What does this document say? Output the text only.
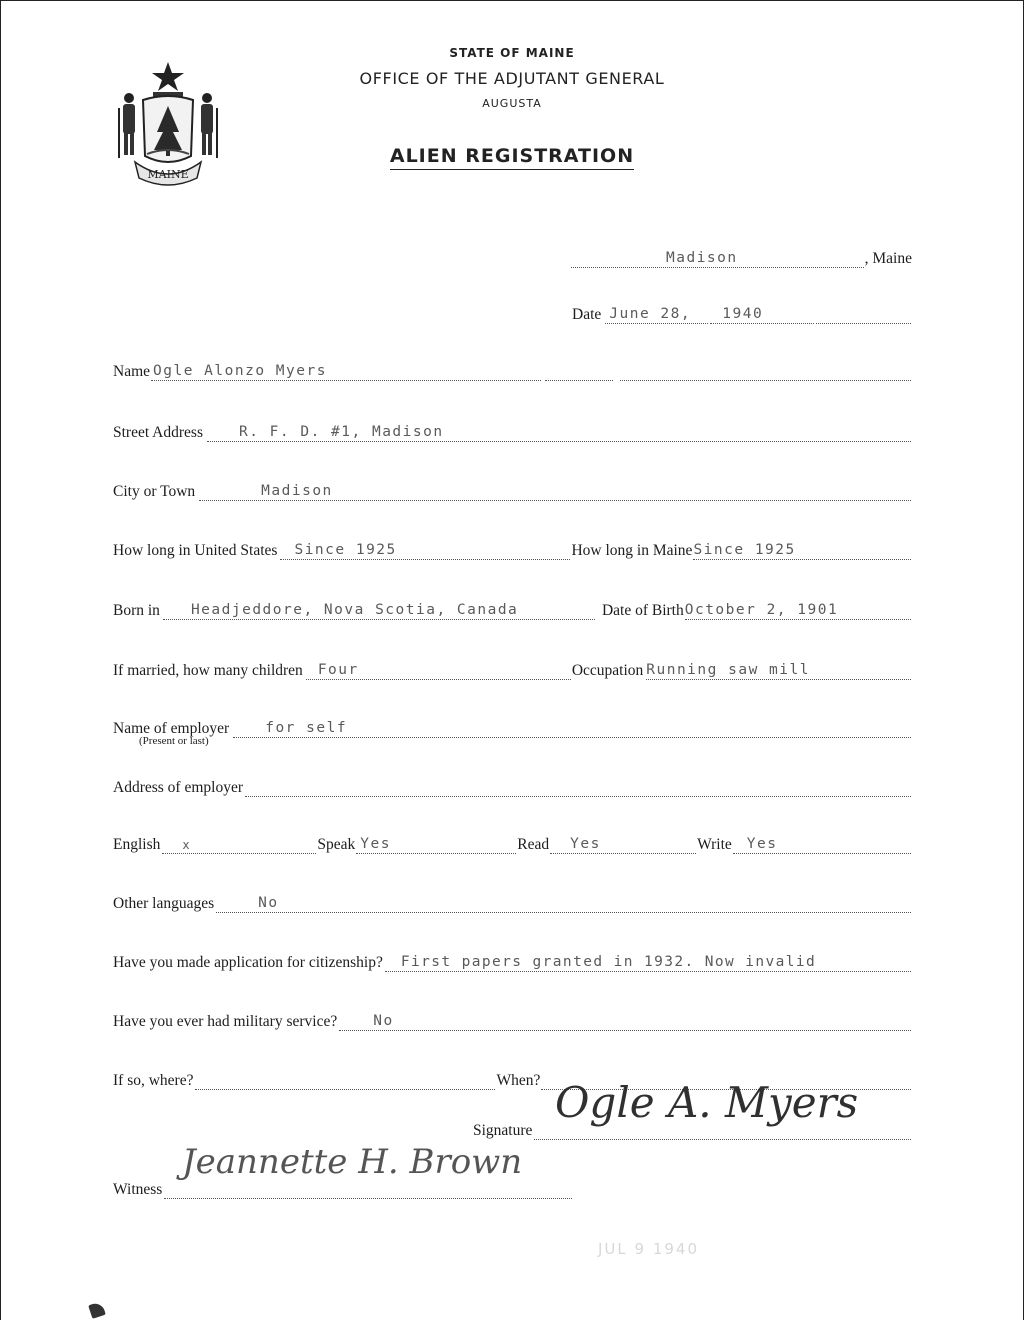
MAINE
STATE OF MAINE
OFFICE OF THE ADJUTANT GENERAL
AUGUSTA
ALIEN REGISTRATION
Madison	, Maine
Date June 28, 1940
Name Ogle Alonzo Myers
Street Address R. F. D. #1, Madison
City or Town	Madison
How long in United States Since 1925	How long in Maine Since 1925
Born in Headjeddore, Nova Scotia, Canada	Date of Birth October 2, 1901
If married, how many children Four	Occupation Running saw mill
Name of employer for self
(Present or last)
Address of employer
English x	Speak Yes	Read Yes	Write Yes
Other languages	No
Have you made application for citizenship? First papers granted in 1932. Now invalid
Have you ever had military service? No
If so, where?	When?
Signature
Ogle A. Myers
Witness
Jeannette H. Brown
JUL 9 1940
